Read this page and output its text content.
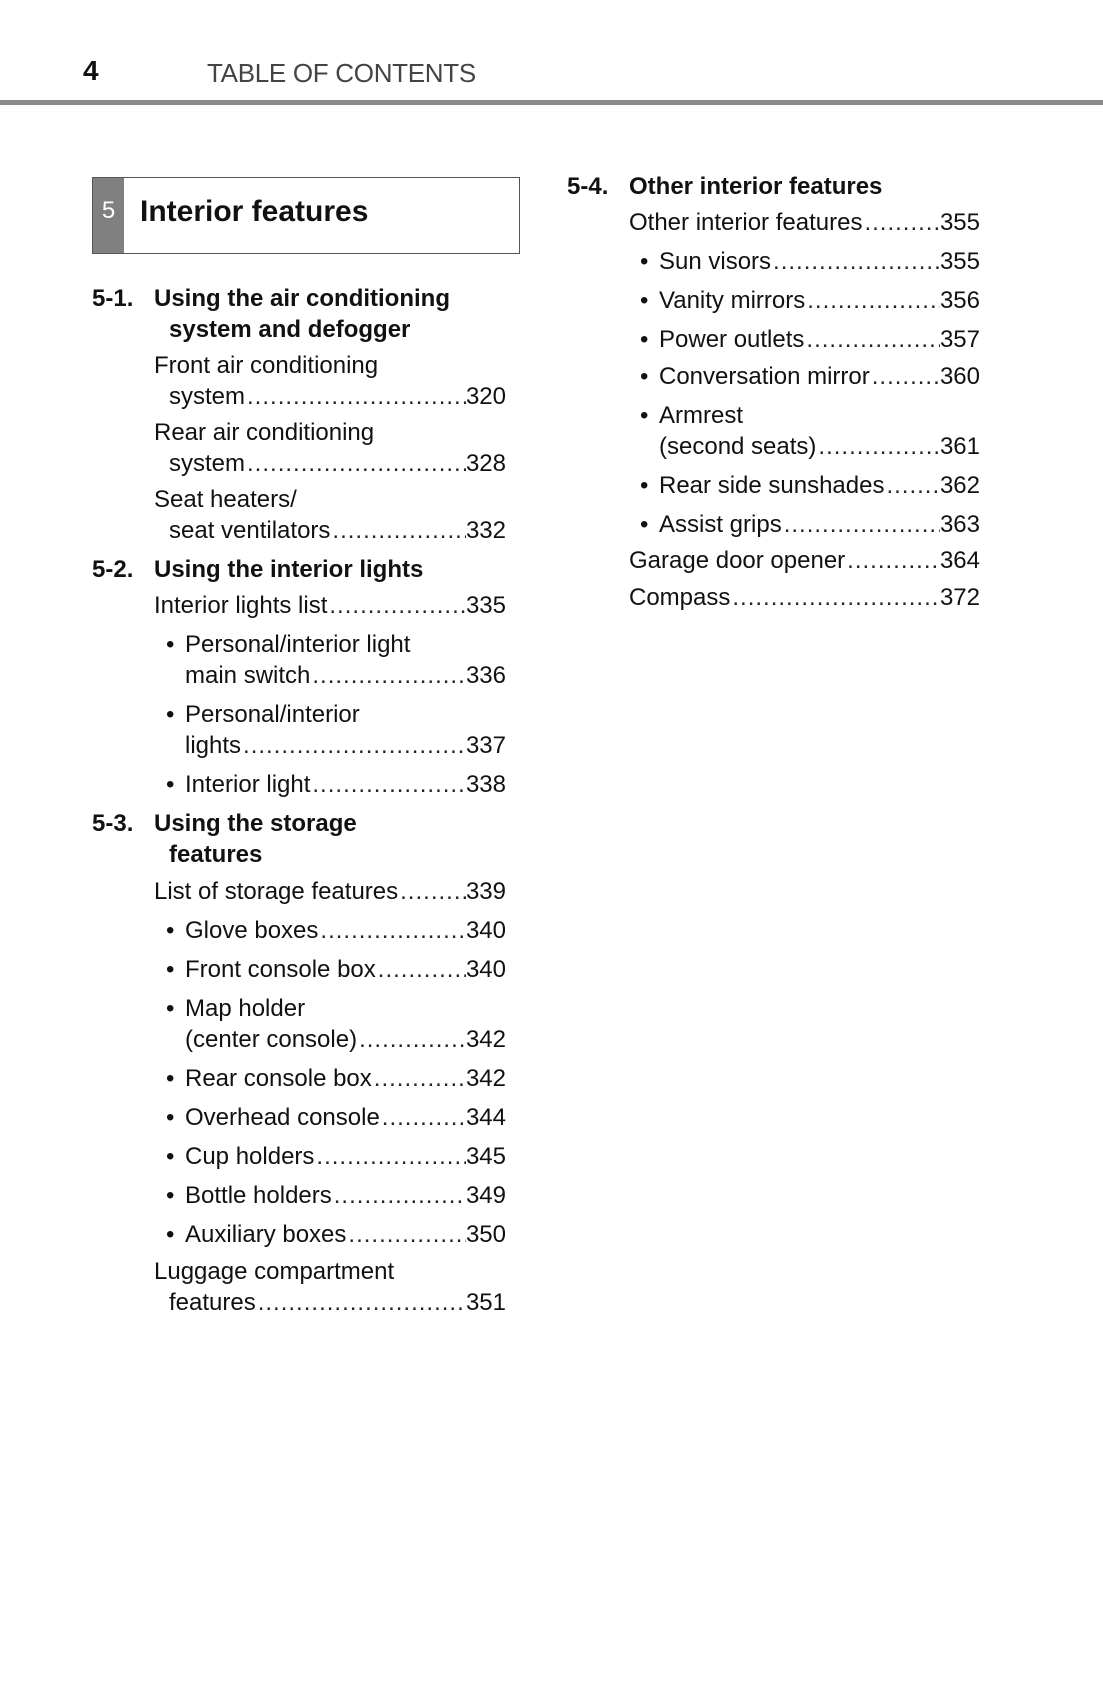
4	TABLE OF CONTENTS
5 Interior features
5-1. Using the air conditioning
system and defogger
Front air conditioning
system .....	320
Rear air conditioning
system .....	328
Seat heaters/
seat ventilators .....	332
5-2. Using the interior lights
Interior lights list .....	335
• Personal/interior light
main switch .....	336
• Personal/interior
lights .....	337
• Interior light .....	338
5-3. Using the storage
features
List of storage features .....	339
• Glove boxes .....	340
• Front console box .....	340
• Map holder
(center console) .....	342
• Rear console box .....	342
• Overhead console .....	344
• Cup holders .....	345
• Bottle holders .....	349
• Auxiliary boxes .....	350
Luggage compartment
features .....	351
5-4. Other interior features
Other interior features .....	355
• Sun visors .....	355
• Vanity mirrors .....	356
• Power outlets .....	357
• Conversation mirror .....	360
• Armrest
(second seats) .....	361
• Rear side sunshades ..... 362
• Assist grips .....	363
Garage door opener .....	364
Compass .....	372
